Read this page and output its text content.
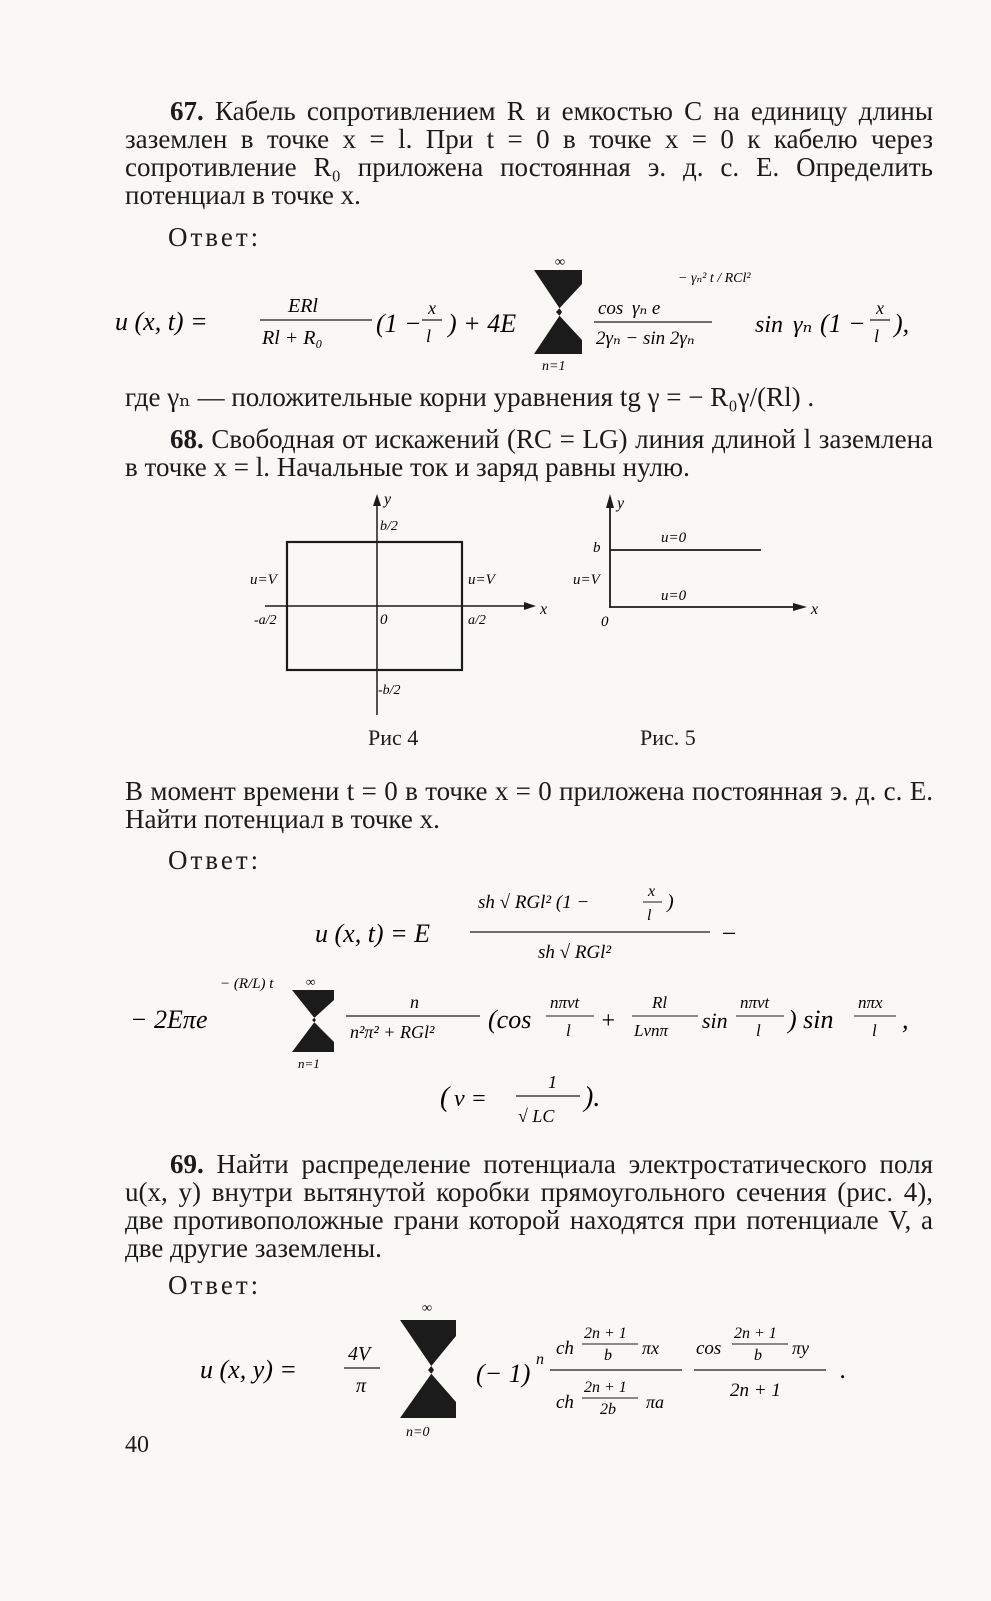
67. Кабель сопротивлением R и емкостью C на единицу длины заземлен в точке x = l. При t = 0 в точке x = 0 к кабелю через сопротивление R₀ приложена постоянная э. д. с. E. Определить потенциал в точке x.
Ответ:
u (x, t) =
ERl
Rl + R₀ (1 −
x
l ) + 4E
∞
n=1
cos γₙ e
− γₙ² t / RCl²
2γₙ − sin 2γₙ
sin γₙ (1 −
x
l ),
где γₙ — положительные корни уравнения tg γ = − R₀γ/(Rl) .
68. Свободная от искажений (RC = LG) линия длиной l заземлена в точке x = l. Начальные ток и заряд равны нулю.
y
b/2
x
0
u=V	u=V
-a/2	a/2
-b/2
Рис 4
y
b
u=0
u=V
u=0
0
x
Рис. 5
В момент времени t = 0 в точке x = 0 приложена постоянная э. д. с. E. Найти потенциал в точке x.
Ответ:
u (x, t) = E
sh √ RGl² (1 −
x
l
)
sh √ RGl²
−
− 2Eπe
− (R/L) t	∞
n=1
n
n²π² + RGl² (cos
nπvt
l +
Rl
Lvnπ sin
nπvt
l ) sin
nπx
l ,
( v =
1
√ LC
).
69. Найти распределение потенциала электростатического поля u(x, y) внутри вытянутой коробки прямоугольного сечения (рис. 4), две противоположные грани которой находятся при потенциале V, а две другие заземлены.
Ответ:
u (x, y) =
4V
π
∞
n=0
(− 1) n
ch
2n + 1
b πx
ch
2n + 1
2b πa
cos
2n + 1
b πy
2n + 1
.
40
